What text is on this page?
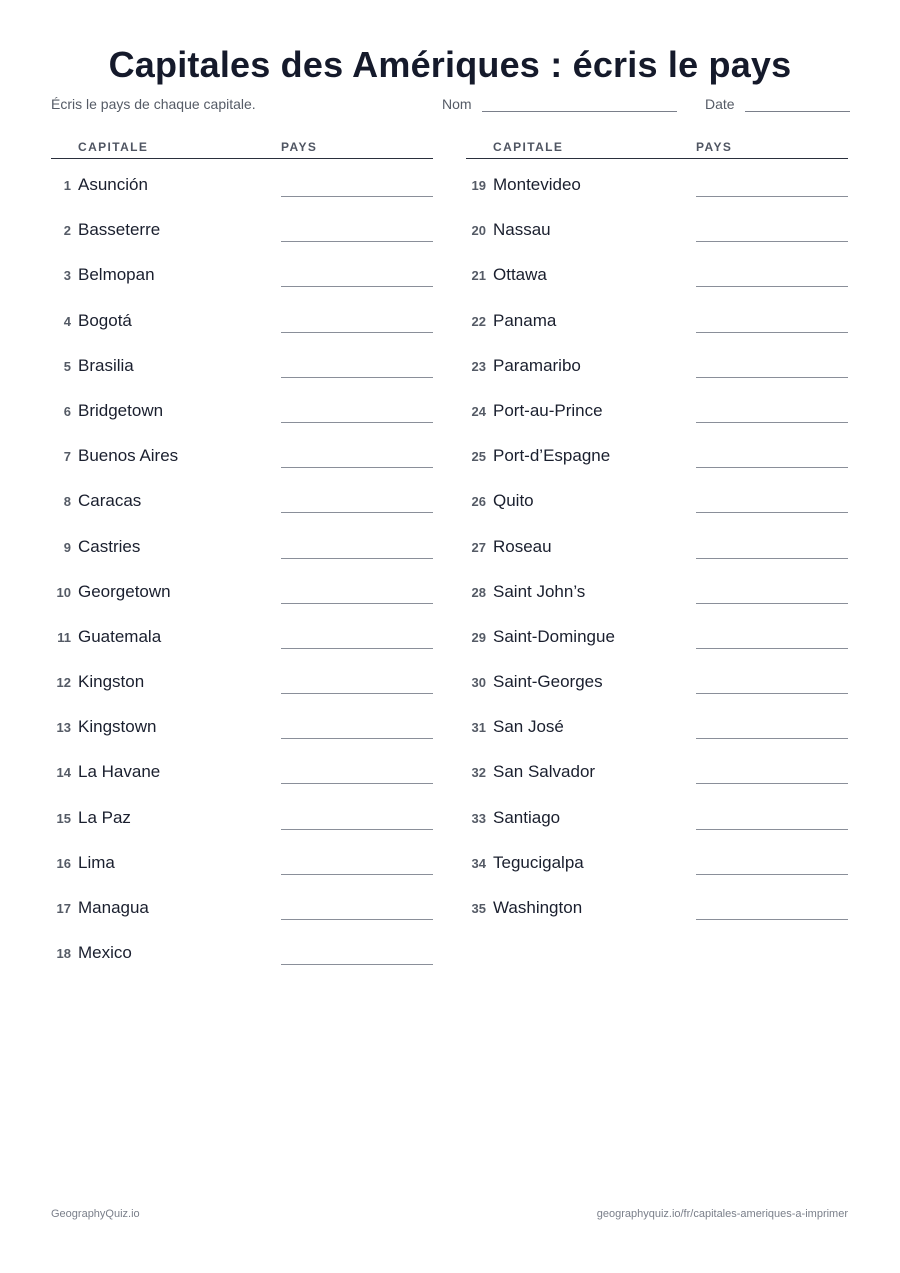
Capitales des Amériques : écris le pays
Écris le pays de chaque capitale.	Nom	Date
CAPITALE	PAYS
1 Asunción
2 Basseterre
3 Belmopan
4 Bogotá
5 Brasilia
6 Bridgetown
7 Buenos Aires
8 Caracas
9 Castries
10 Georgetown
11 Guatemala
12 Kingston
13 Kingstown
14 La Havane
15 La Paz
16 Lima
17 Managua
18 Mexico
CAPITALE	PAYS
19 Montevideo
20 Nassau
21 Ottawa
22 Panama
23 Paramaribo
24 Port-au-Prince
25 Port-d’Espagne
26 Quito
27 Roseau
28 Saint John’s
29 Saint-Domingue
30 Saint-Georges
31 San José
32 San Salvador
33 Santiago
34 Tegucigalpa
35 Washington
GeographyQuiz.io	geographyquiz.io/fr/capitales-ameriques-a-imprimer
